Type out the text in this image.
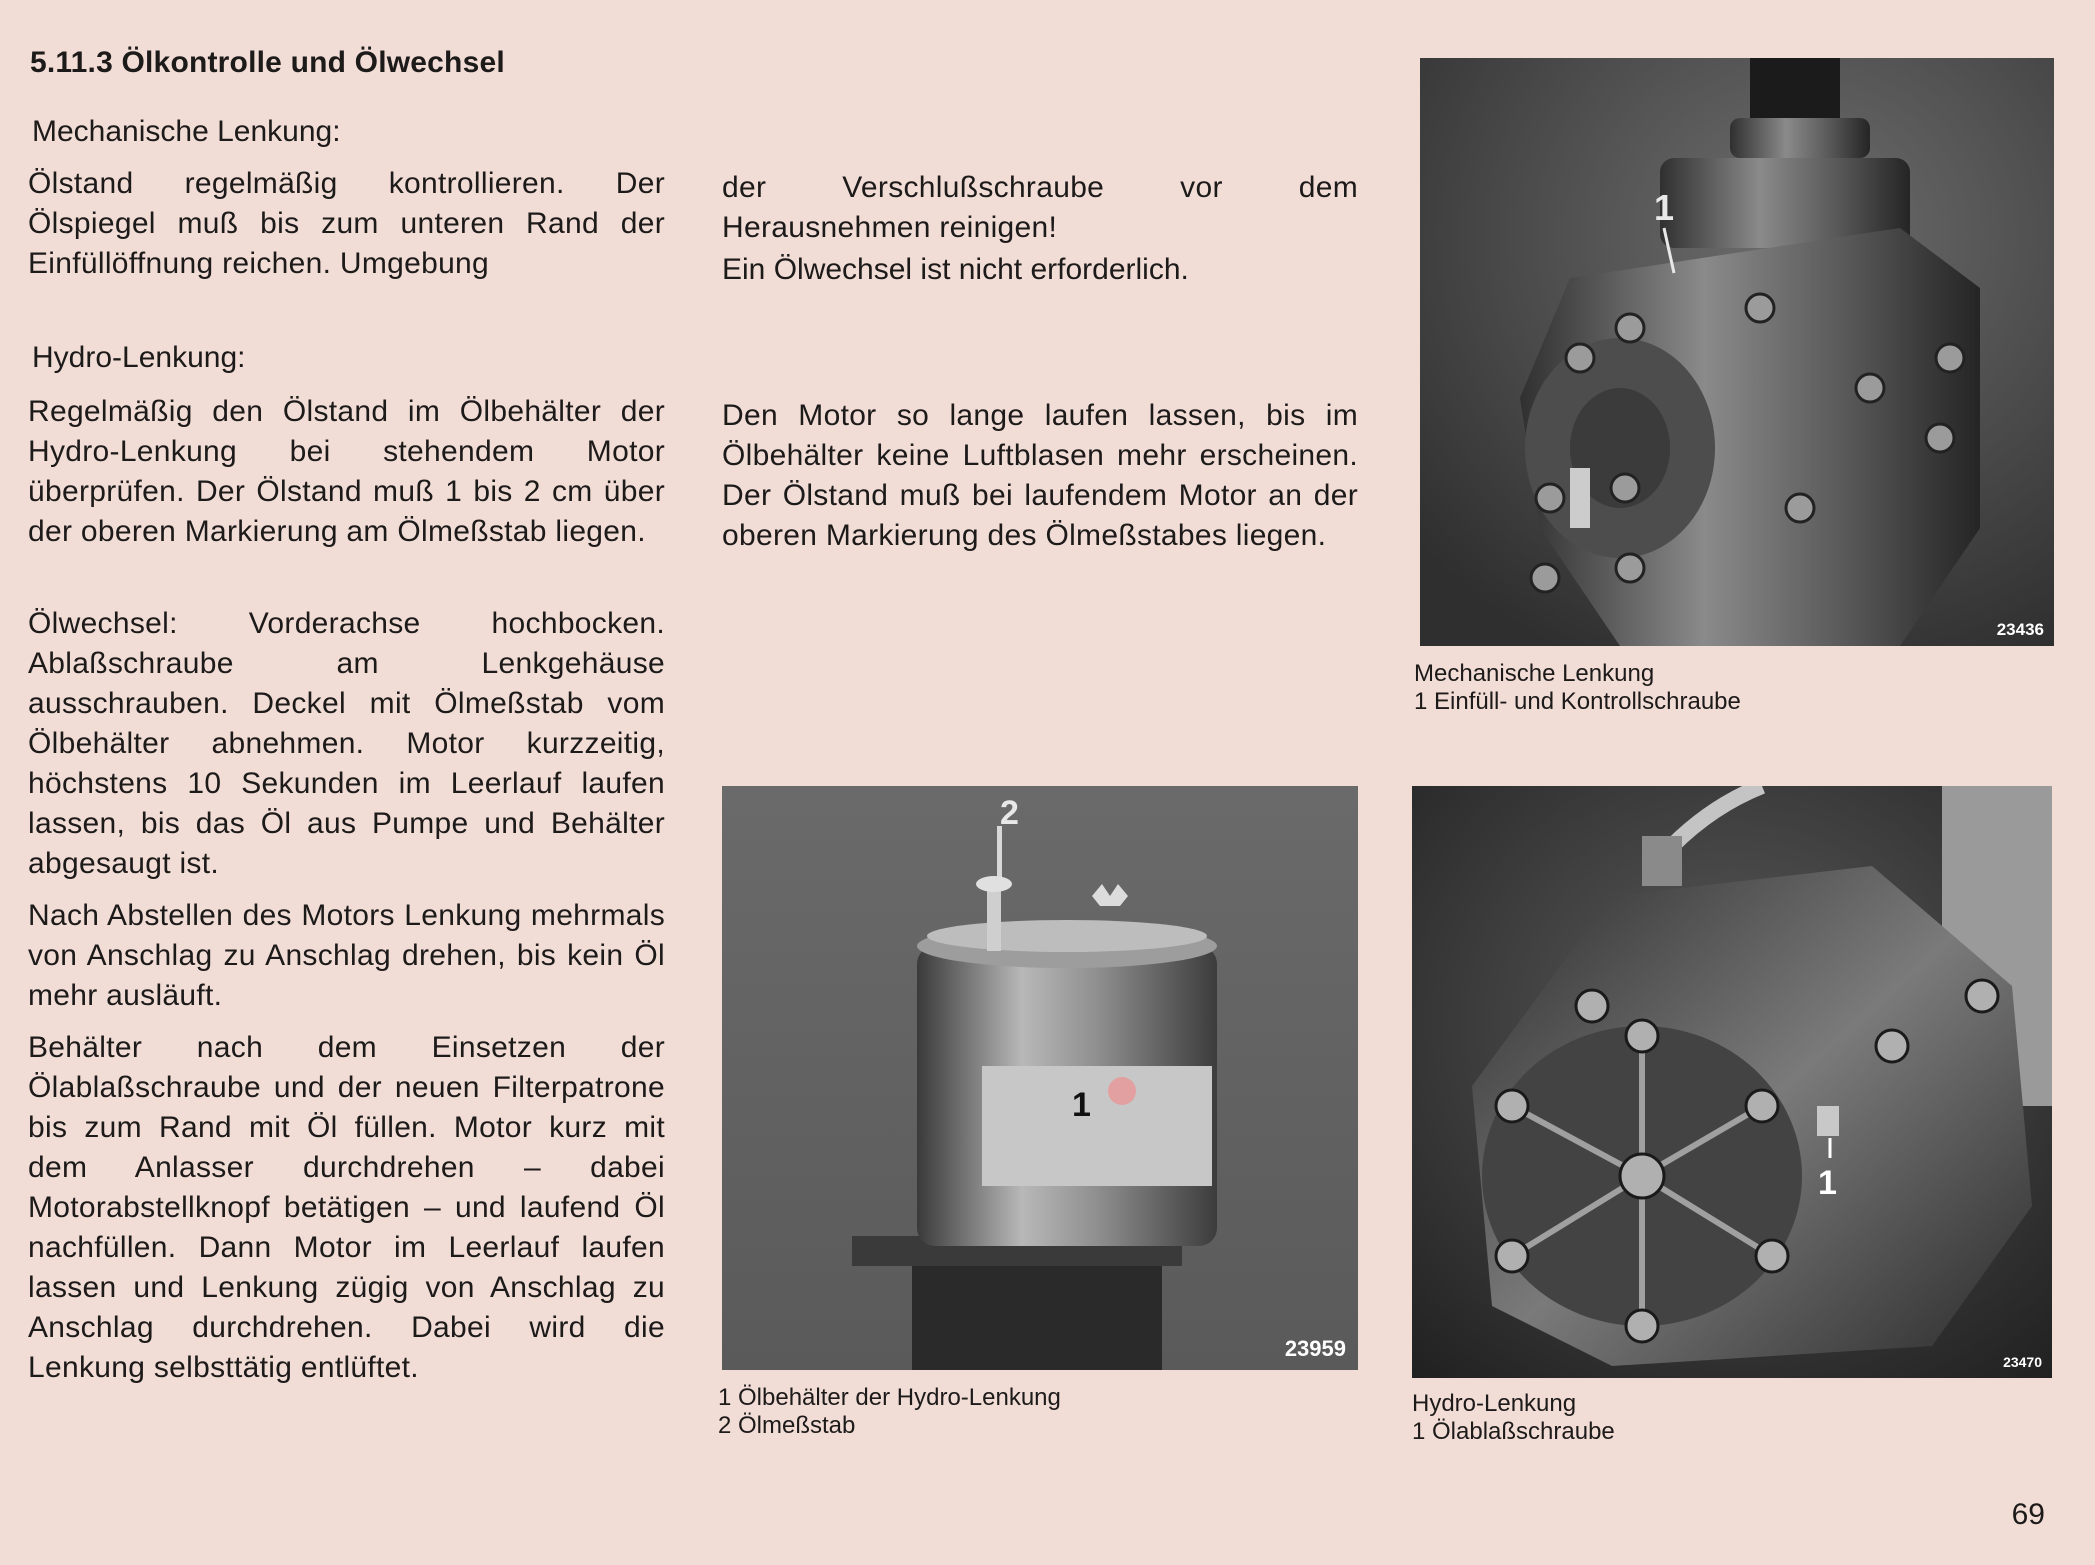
5.11.3 Ölkontrolle und Ölwechsel
Mechanische Lenkung:
Ölstand regelmäßig kontrollieren. Der Ölspiegel muß bis zum unteren Rand der Einfüllöffnung reichen. Umgebung
Hydro-Lenkung:
Regelmäßig den Ölstand im Ölbehälter der Hydro-Lenkung bei stehendem Motor überprüfen. Der Ölstand muß 1 bis 2 cm über der oberen Markierung am Ölmeßstab liegen.
Ölwechsel: Vorderachse hochbocken. Ablaßschraube am Lenkgehäuse ausschrauben. Deckel mit Ölmeßstab vom Ölbehälter abnehmen. Motor kurzzeitig, höchstens 10 Sekunden im Leerlauf laufen lassen, bis das Öl aus Pumpe und Behälter abgesaugt ist.
Nach Abstellen des Motors Lenkung mehrmals von Anschlag zu Anschlag drehen, bis kein Öl mehr ausläuft.
Behälter nach dem Einsetzen der Ölablaßschraube und der neuen Filterpatrone bis zum Rand mit Öl füllen. Motor kurz mit dem Anlasser durchdrehen – dabei Motorabstellknopf betätigen – und laufend Öl nachfüllen. Dann Motor im Leerlauf laufen lassen und Lenkung zügig von Anschlag zu Anschlag durchdrehen. Dabei wird die Lenkung selbsttätig entlüftet.
der Verschlußschraube vor dem Herausnehmen reinigen!
Ein Ölwechsel ist nicht erforderlich.
Den Motor so lange laufen lassen, bis im Ölbehälter keine Luftblasen mehr erscheinen. Der Ölstand muß bei laufendem Motor an der oberen Markierung des Ölmeßstabes liegen.
1
23436
Mechanische Lenkung
1 Einfüll- und Kontrollschraube
1
2
23959
1 Ölbehälter der Hydro-Lenkung
2 Ölmeßstab
1
23470
Hydro-Lenkung
1 Ölablaßschraube
69
